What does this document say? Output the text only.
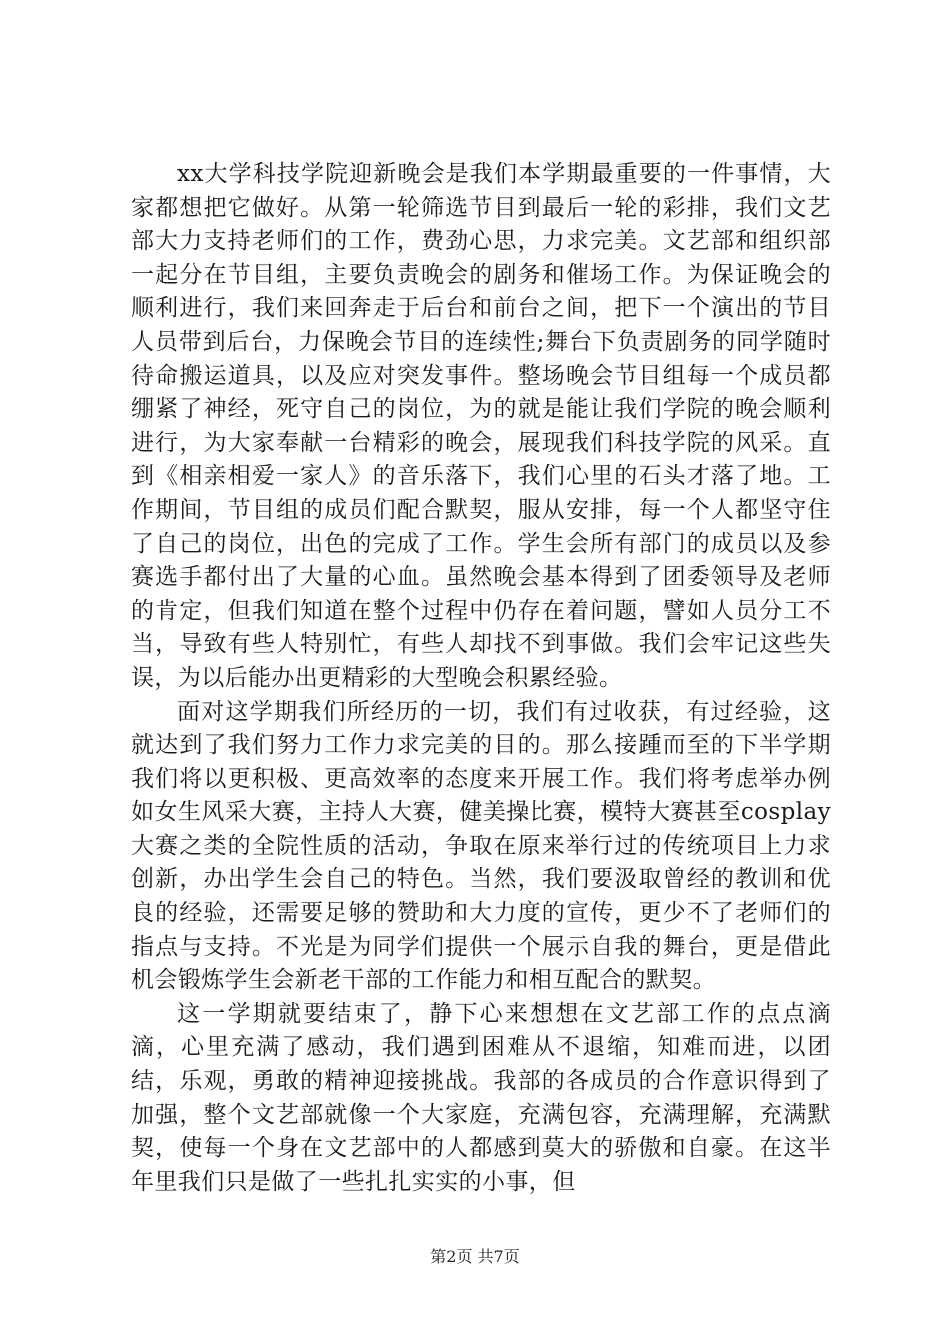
xx大学科技学院迎新晚会是我们本学期最重要的一件事情，大家都想把它做好。从第一轮筛选节目到最后一轮的彩排，我们文艺部大力支持老师们的工作，费劲心思，力求完美。文艺部和组织部一起分在节目组，主要负责晚会的剧务和催场工作。为保证晚会的顺利进行，我们来回奔走于后台和前台之间，把下一个演出的节目人员带到后台，力保晚会节目的连续性;舞台下负责剧务的同学随时待命搬运道具，以及应对突发事件。整场晚会节目组每一个成员都绷紧了神经，死守自己的岗位，为的就是能让我们学院的晚会顺利进行，为大家奉献一台精彩的晚会，展现我们科技学院的风采。直到《相亲相爱一家人》的音乐落下，我们心里的石头才落了地。工作期间，节目组的成员们配合默契，服从安排，每一个人都坚守住了自己的岗位，出色的完成了工作。学生会所有部门的成员以及参赛选手都付出了大量的心血。虽然晚会基本得到了团委领导及老师的肯定，但我们知道在整个过程中仍存在着问题，譬如人员分工不当，导致有些人特别忙，有些人却找不到事做。我们会牢记这些失误，为以后能办出更精彩的大型晚会积累经验。

面对这学期我们所经历的一切，我们有过收获，有过经验，这就达到了我们努力工作力求完美的目的。那么接踵而至的下半学期我们将以更积极、更高效率的态度来开展工作。我们将考虑举办例如女生风采大赛，主持人大赛，健美操比赛，模特大赛甚至cosplay大赛之类的全院性质的活动，争取在原来举行过的传统项目上力求创新，办出学生会自己的特色。当然，我们要汲取曾经的教训和优良的经验，还需要足够的赞助和大力度的宣传，更少不了老师们的指点与支持。不光是为同学们提供一个展示自我的舞台，更是借此机会锻炼学生会新老干部的工作能力和相互配合的默契。

这一学期就要结束了，静下心来想想在文艺部工作的点点滴滴，心里充满了感动，我们遇到困难从不退缩，知难而进，以团结，乐观，勇敢的精神迎接挑战。我部的各成员的合作意识得到了加强，整个文艺部就像一个大家庭，充满包容，充满理解，充满默契，使每一个身在文艺部中的人都感到莫大的骄傲和自豪。在这半年里我们只是做了一些扎扎实实的小事，但

第2页 共7页
